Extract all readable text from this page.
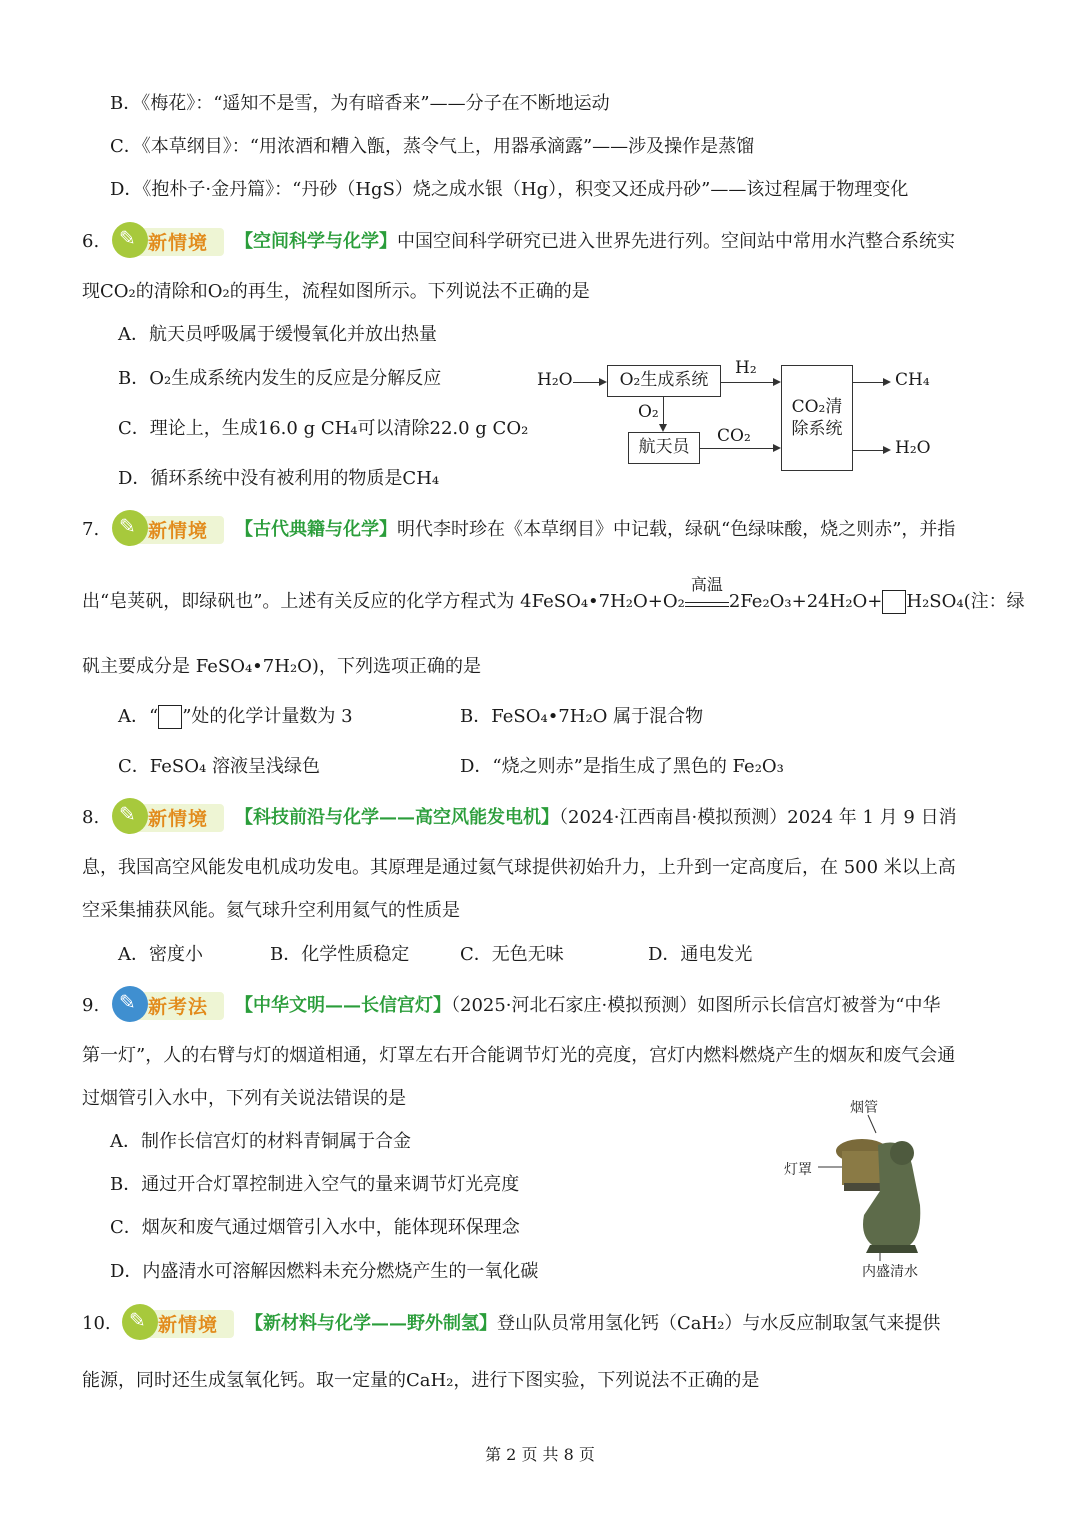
B．《梅花》：“遥知不是雪，为有暗香来”——分子在不断地运动
C．《本草纲目》：“用浓酒和糟入甑，蒸令气上，用器承滴露”——涉及操作是蒸馏
D．《抱朴子·金丹篇》：“丹砂（HgS）烧之成水银（Hg），积变又还成丹砂”——该过程属于物理变化
6. ✎ 新情境 【空间科学与化学】中国空间科学研究已进入世界先进行列。空间站中常用水汽整合系统实
现CO₂的清除和O₂的再生，流程如图所示。下列说法不正确的是
A．航天员呼吸属于缓慢氧化并放出热量
B．O₂生成系统内发生的反应是分解反应
C．理论上，生成16.0 g CH₄可以清除22.0 g CO₂
D．循环系统中没有被利用的物质是CH₄
H₂O	O₂生成系统
H₂
O₂
航天员
CO₂
CO₂清
除系统
CH₄
H₂O
7. ✎ 新情境 【古代典籍与化学】明代李时珍在《本草纲目》中记载，绿矾“色绿味酸，烧之则赤”，并指
出“皂荚矾，即绿矾也”。上述有关反应的化学方程式为 4FeSO₄•7H₂O+O₂
高温
2Fe₂O₃+24H₂O+ H₂SO₄(注：绿
矾主要成分是 FeSO₄•7H₂O)，下列选项正确的是
A．“ ”处的化学计量数为 3	B．FeSO₄•7H₂O 属于混合物
C．FeSO₄ 溶液呈浅绿色	D．“烧之则赤”是指生成了黑色的 Fe₂O₃
8. ✎ 新情境 【科技前沿与化学——高空风能发电机】（2024·江西南昌·模拟预测）2024 年 1 月 9 日消
息，我国高空风能发电机成功发电。其原理是通过氦气球提供初始升力，上升到一定高度后，在 500 米以上高
空采集捕获风能。氦气球升空利用氦气的性质是
A．密度小	B．化学性质稳定	C．无色无味	D．通电发光
9. ✎ 新考法 【中华文明——长信宫灯】（2025·河北石家庄·模拟预测）如图所示长信宫灯被誉为“中华
第一灯”，人的右臂与灯的烟道相通，灯罩左右开合能调节灯光的亮度，宫灯内燃料燃烧产生的烟灰和废气会通
过烟管引入水中，下列有关说法错误的是
A．制作长信宫灯的材料青铜属于合金
B．通过开合灯罩控制进入空气的量来调节灯光亮度
C．烟灰和废气通过烟管引入水中，能体现环保理念
D．内盛清水可溶解因燃料未充分燃烧产生的一氧化碳
烟管
灯罩
内盛清水
10. ✎ 新情境 【新材料与化学——野外制氢】登山队员常用氢化钙（CaH₂）与水反应制取氢气来提供
能源，同时还生成氢氧化钙。取一定量的CaH₂，进行下图实验，下列说法不正确的是
第 2 页 共 8 页
